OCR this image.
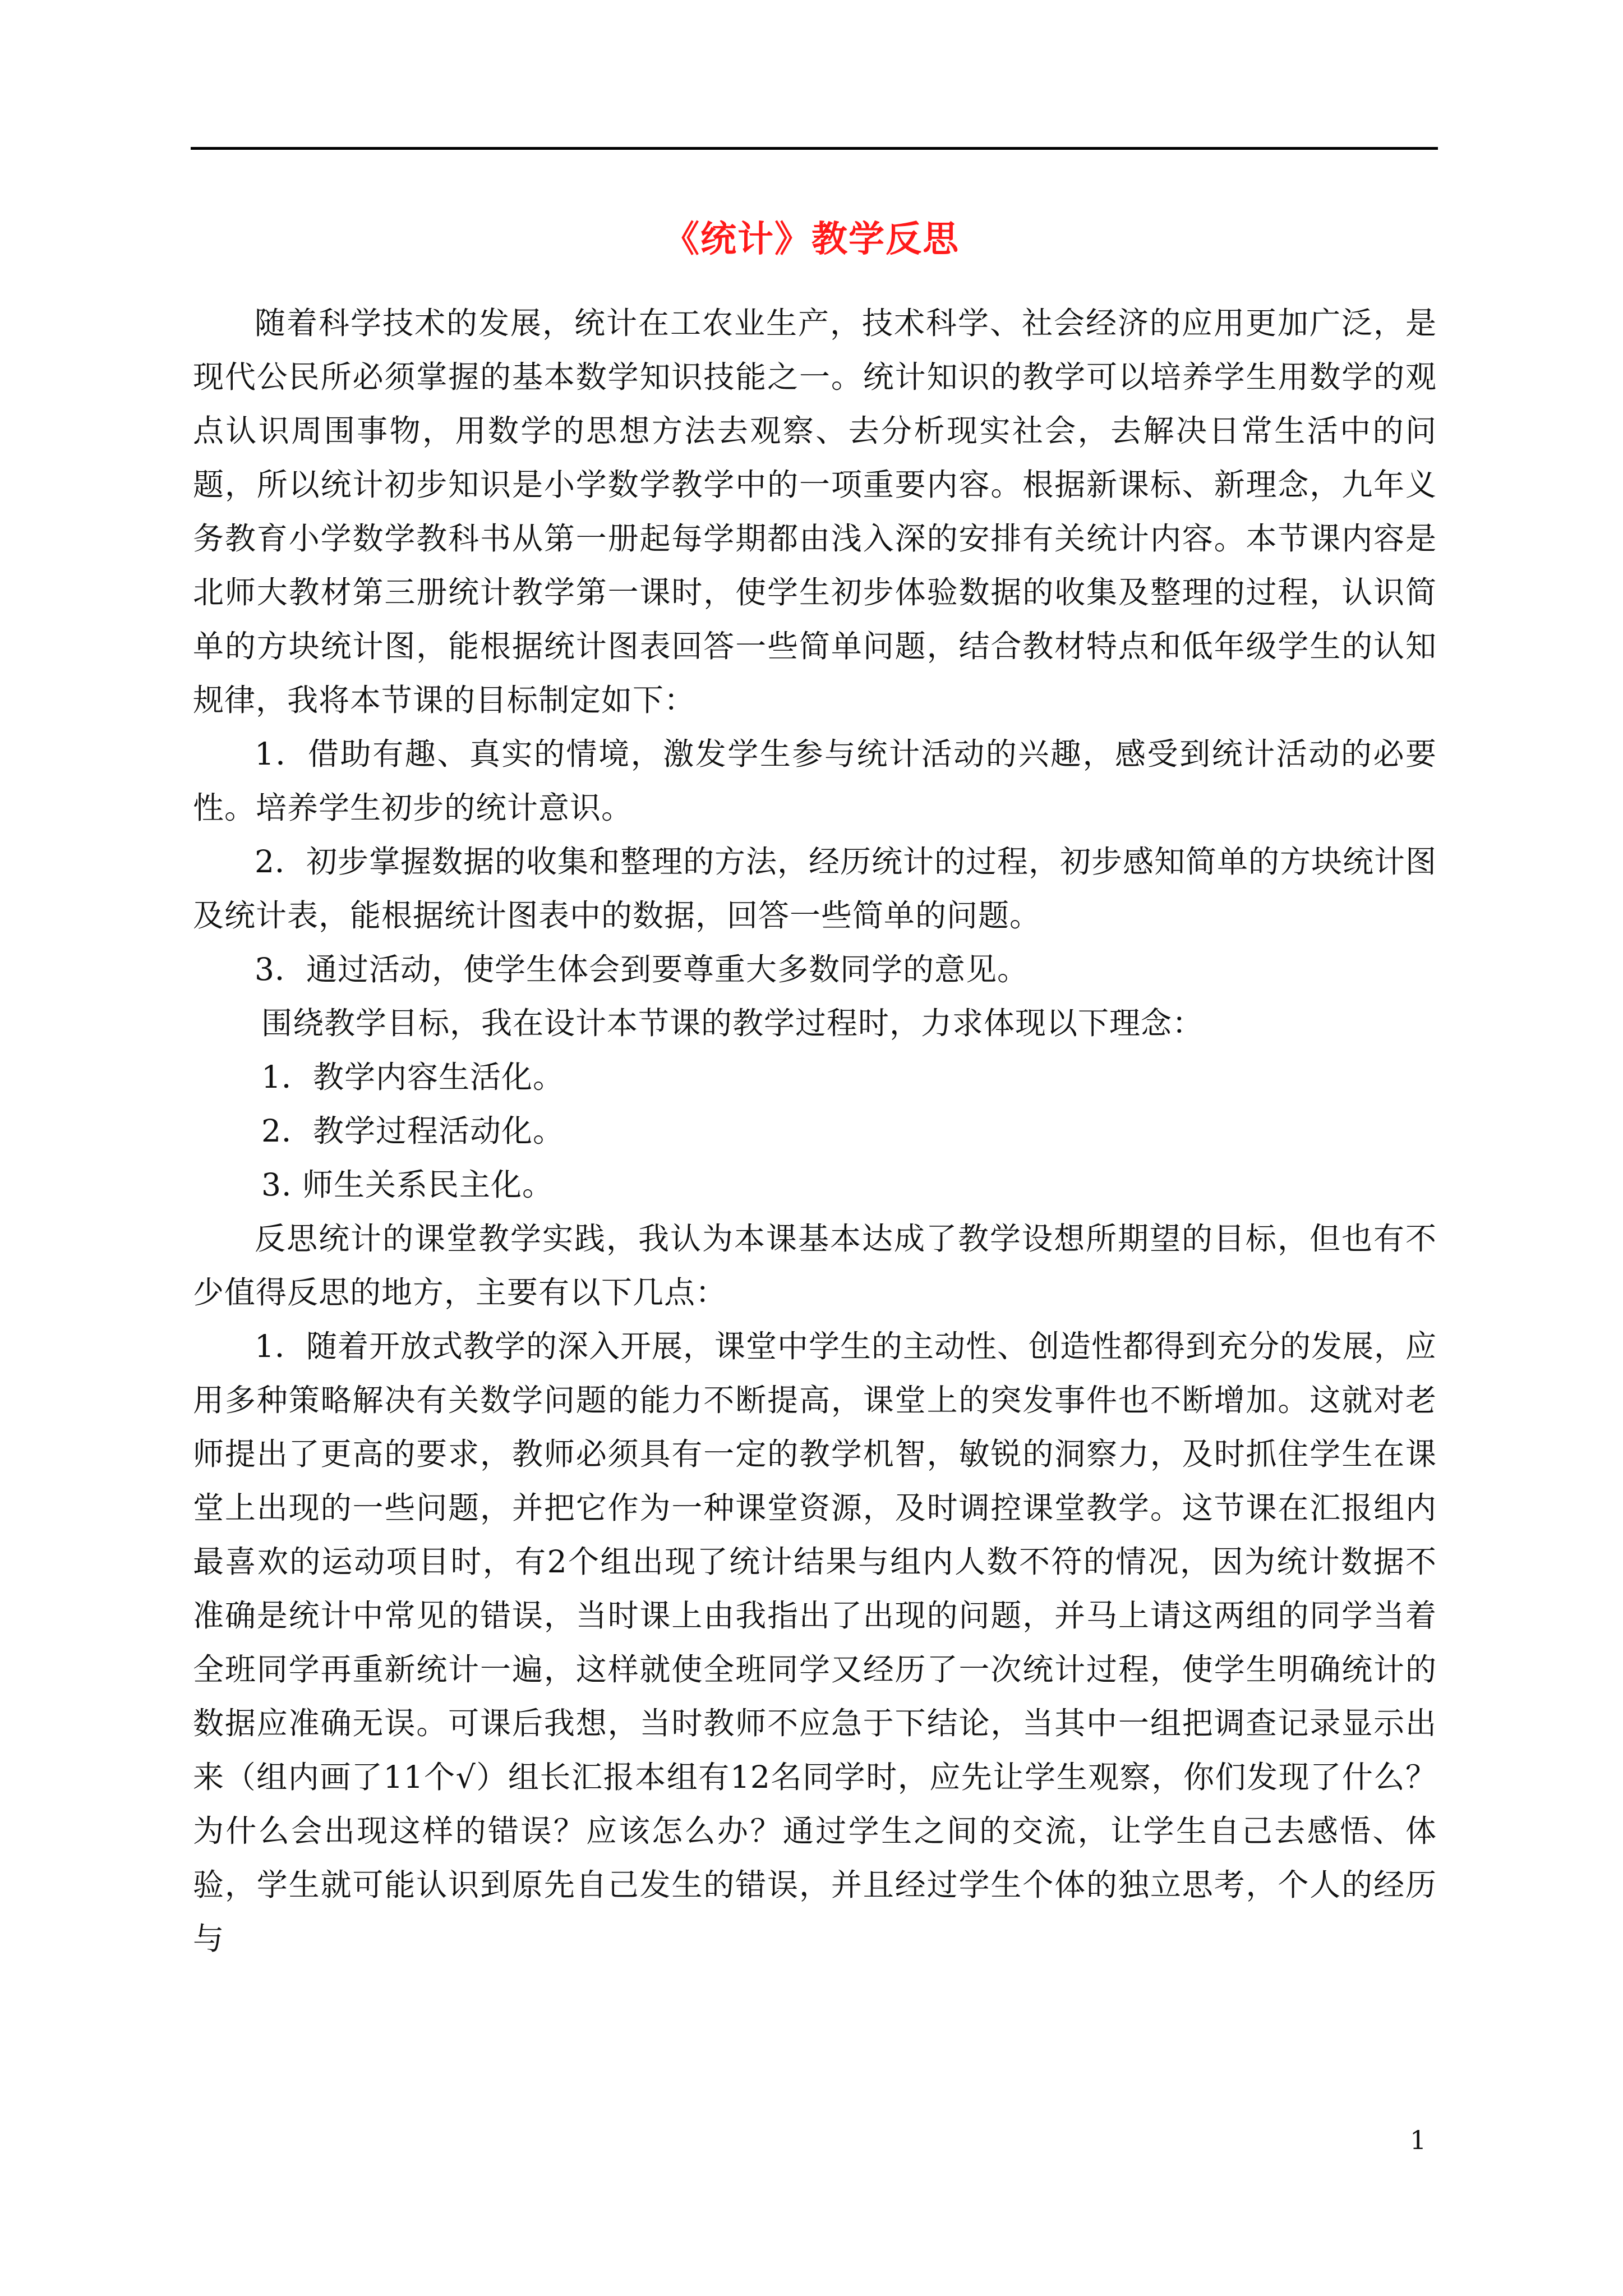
《统计》教学反思

随着科学技术的发展，统计在工农业生产，技术科学、社会经济的应用更加广泛，是现代公民所必须掌握的基本数学知识技能之一。统计知识的教学可以培养学生用数学的观点认识周围事物，用数学的思想方法去观察、去分析现实社会，去解决日常生活中的问题，所以统计初步知识是小学数学教学中的一项重要内容。根据新课标、新理念，九年义务教育小学数学教科书从第一册起每学期都由浅入深的安排有关统计内容。本节课内容是北师大教材第三册统计教学第一课时，使学生初步体验数据的收集及整理的过程，认识简单的方块统计图，能根据统计图表回答一些简单问题，结合教材特点和低年级学生的认知规律，我将本节课的目标制定如下：

1．借助有趣、真实的情境，激发学生参与统计活动的兴趣，感受到统计活动的必要性。培养学生初步的统计意识。

2．初步掌握数据的收集和整理的方法，经历统计的过程，初步感知简单的方块统计图及统计表，能根据统计图表中的数据，回答一些简单的问题。

3．通过活动，使学生体会到要尊重大多数同学的意见。

围绕教学目标，我在设计本节课的教学过程时，力求体现以下理念：

1．教学内容生活化。

2．教学过程活动化。

3. 师生关系民主化。

反思统计的课堂教学实践，我认为本课基本达成了教学设想所期望的目标，但也有不少值得反思的地方，主要有以下几点：

1．随着开放式教学的深入开展，课堂中学生的主动性、创造性都得到充分的发展，应用多种策略解决有关数学问题的能力不断提高，课堂上的突发事件也不断增加。这就对老师提出了更高的要求，教师必须具有一定的教学机智，敏锐的洞察力，及时抓住学生在课堂上出现的一些问题，并把它作为一种课堂资源，及时调控课堂教学。这节课在汇报组内最喜欢的运动项目时，有2个组出现了统计结果与组内人数不符的情况，因为统计数据不准确是统计中常见的错误，当时课上由我指出了出现的问题，并马上请这两组的同学当着全班同学再重新统计一遍，这样就使全班同学又经历了一次统计过程，使学生明确统计的数据应准确无误。可课后我想，当时教师不应急于下结论，当其中一组把调查记录显示出来（组内画了11个√）组长汇报本组有12名同学时，应先让学生观察，你们发现了什么？为什么会出现这样的错误？应该怎么办？通过学生之间的交流，让学生自己去感悟、体验，学生就可能认识到原先自己发生的错误，并且经过学生个体的独立思考，个人的经历与

1
